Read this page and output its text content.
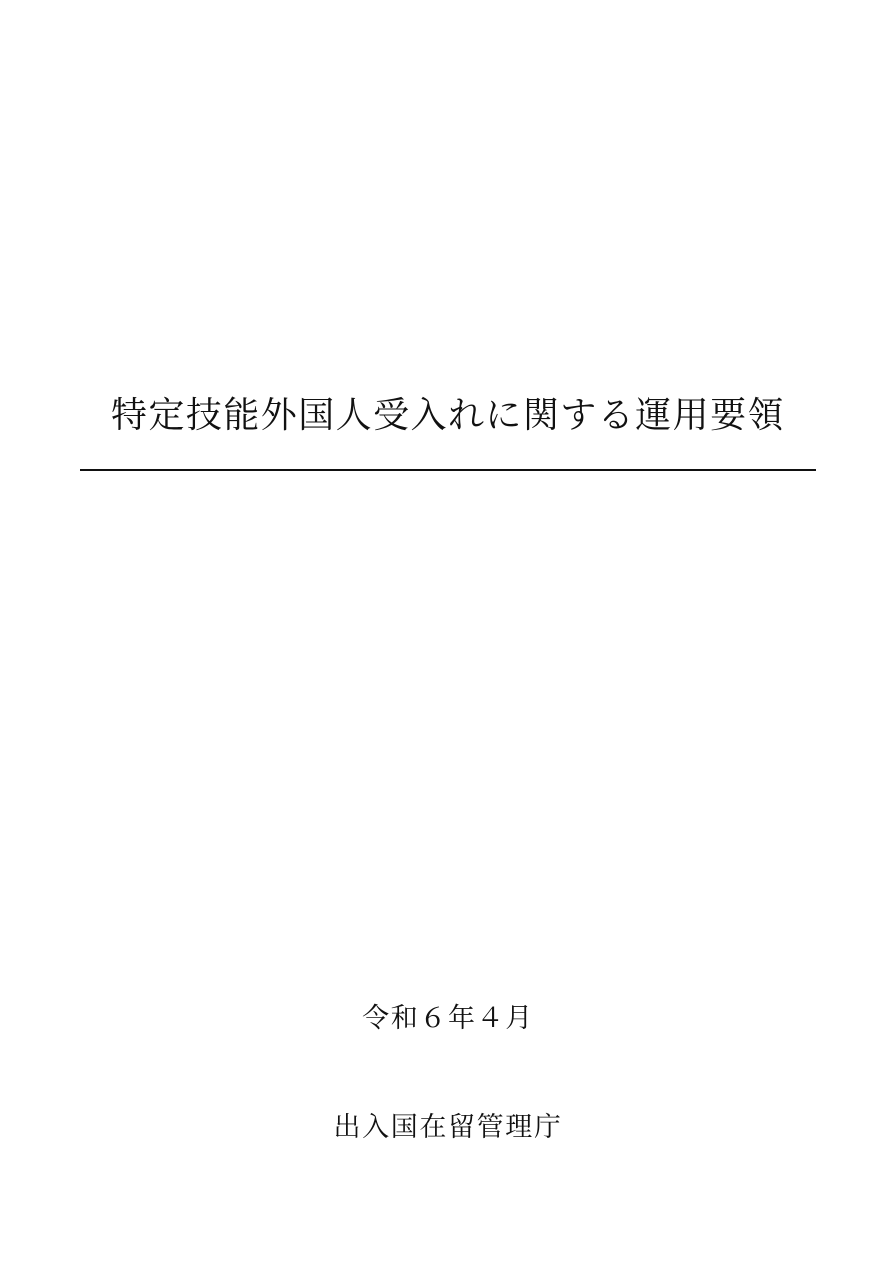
特定技能外国人受入れに関する運用要領

令和６年４月

出入国在留管理庁
